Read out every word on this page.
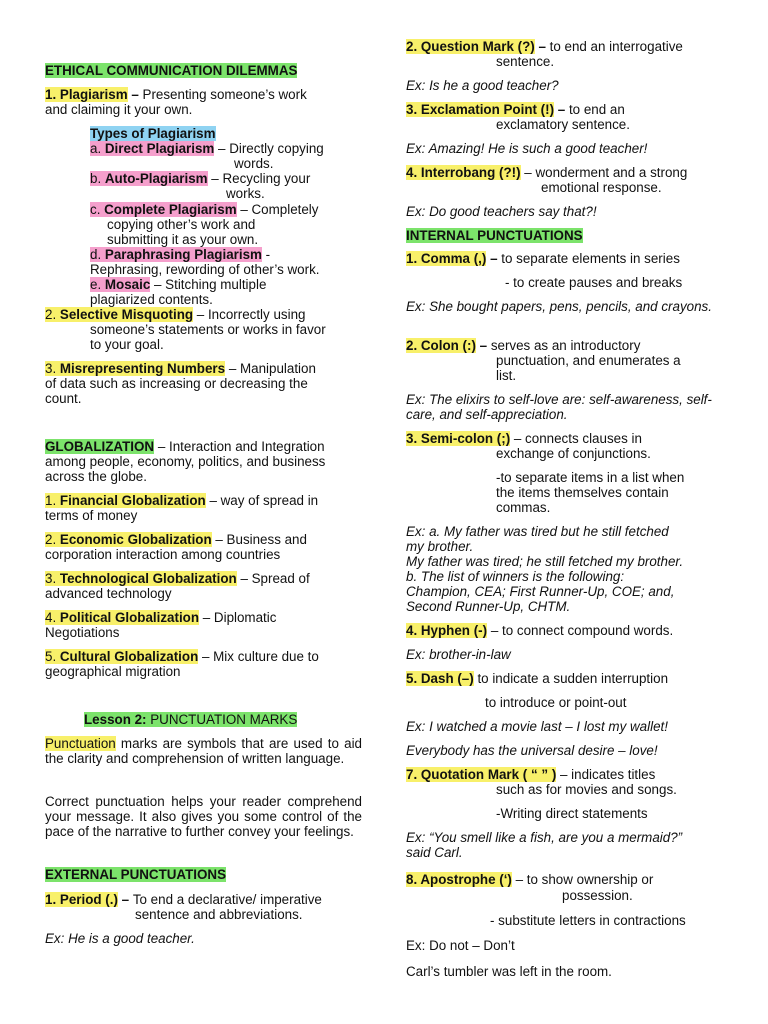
ETHICAL COMMUNICATION DILEMMAS
1. Plagiarism – Presenting someone’s work
and claiming it your own.
Types of Plagiarism
a. Direct Plagiarism – Directly copying
words.
b. Auto-Plagiarism – Recycling your
works.
c. Complete Plagiarism – Completely
copying other’s work and
submitting it as your own.
d. Paraphrasing Plagiarism -
Rephrasing, rewording of other’s work.
e. Mosaic – Stitching multiple
plagiarized contents.
2. Selective Misquoting – Incorrectly using
someone’s statements or works in favor
to your goal.
3. Misrepresenting Numbers – Manipulation
of data such as increasing or decreasing the
count.
GLOBALIZATION – Interaction and Integration
among people, economy, politics, and business
across the globe.
1. Financial Globalization – way of spread in
terms of money
2. Economic Globalization – Business and
corporation interaction among countries
3. Technological Globalization – Spread of
advanced technology
4. Political Globalization – Diplomatic
Negotiations
5. Cultural Globalization – Mix culture due to
geographical migration
Lesson 2: PUNCTUATION MARKS
Punctuation marks are symbols that are used to aid the clarity and comprehension of written language.
Correct punctuation helps your reader comprehend your message. It also gives you some control of the pace of the narrative to further convey your feelings.
EXTERNAL PUNCTUATIONS
1. Period (.) – To end a declarative/ imperative
sentence and abbreviations.
Ex: He is a good teacher.
2. Question Mark (?) – to end an interrogative
sentence.
Ex: Is he a good teacher?
3. Exclamation Point (!) – to end an
exclamatory sentence.
Ex: Amazing! He is such a good teacher!
4. Interrobang (?!) – wonderment and a strong
emotional response.
Ex: Do good teachers say that?!
INTERNAL PUNCTUATIONS
1. Comma (,) – to separate elements in series
- to create pauses and breaks
Ex: She bought papers, pens, pencils, and crayons.
2. Colon (:) – serves as an introductory
punctuation, and enumerates a
list.
Ex: The elixirs to self-love are: self-awareness, self-care, and self-appreciation.
3. Semi-colon (;) – connects clauses in
exchange of conjunctions.
-to separate items in a list when
the items themselves contain
commas.
Ex: a. My father was tired but he still fetched
my brother.
My father was tired; he still fetched my brother.
b. The list of winners is the following:
Champion, CEA; First Runner-Up, COE; and,
Second Runner-Up, CHTM.
4. Hyphen (-) – to connect compound words.
Ex: brother-in-law
5. Dash (–) to indicate a sudden interruption
to introduce or point-out
Ex: I watched a movie last – I lost my wallet!
Everybody has the universal desire – love!
7. Quotation Mark ( “ ” ) – indicates titles
such as for movies and songs.
-Writing direct statements
Ex: “You smell like a fish, are you a mermaid?”
said Carl.
8. Apostrophe (‘) – to show ownership or
possession.
- substitute letters in contractions
Ex: Do not – Don’t
Carl’s tumbler was left in the room.
